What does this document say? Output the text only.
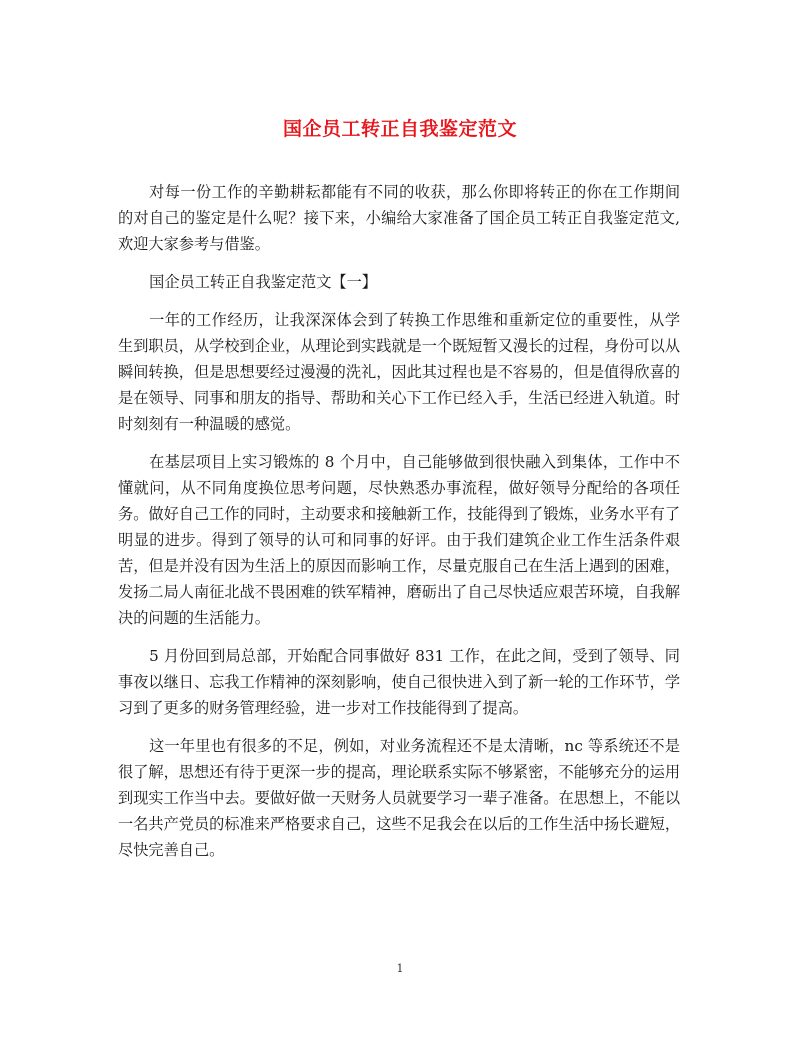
国企员工转正自我鉴定范文

对每一份工作的辛勤耕耘都能有不同的收获，那么你即将转正的你在工作期间的对自己的鉴定是什么呢？接下来，小编给大家准备了国企员工转正自我鉴定范文,欢迎大家参考与借鉴。

国企员工转正自我鉴定范文【一】

一年的工作经历，让我深深体会到了转换工作思维和重新定位的重要性，从学生到职员，从学校到企业，从理论到实践就是一个既短暂又漫长的过程，身份可以从瞬间转换，但是思想要经过漫漫的洗礼，因此其过程也是不容易的，但是值得欣喜的是在领导、同事和朋友的指导、帮助和关心下工作已经入手，生活已经进入轨道。时时刻刻有一种温暖的感觉。

在基层项目上实习锻炼的 8 个月中，自己能够做到很快融入到集体，工作中不懂就问，从不同角度换位思考问题，尽快熟悉办事流程，做好领导分配给的各项任务。做好自己工作的同时，主动要求和接触新工作，技能得到了锻炼，业务水平有了明显的进步。得到了领导的认可和同事的好评。由于我们建筑企业工作生活条件艰苦，但是并没有因为生活上的原因而影响工作，尽量克服自己在生活上遇到的困难，发扬二局人南征北战不畏困难的铁军精神，磨砺出了自己尽快适应艰苦环境，自我解决的问题的生活能力。

5 月份回到局总部，开始配合同事做好 831 工作，在此之间，受到了领导、同事夜以继日、忘我工作精神的深刻影响，使自己很快进入到了新一轮的工作环节，学习到了更多的财务管理经验，进一步对工作技能得到了提高。

这一年里也有很多的不足，例如，对业务流程还不是太清晰，nc 等系统还不是很了解，思想还有待于更深一步的提高，理论联系实际不够紧密，不能够充分的运用到现实工作当中去。要做好做一天财务人员就要学习一辈子准备。在思想上，不能以一名共产党员的标准来严格要求自己，这些不足我会在以后的工作生活中扬长避短，尽快完善自己。

1
